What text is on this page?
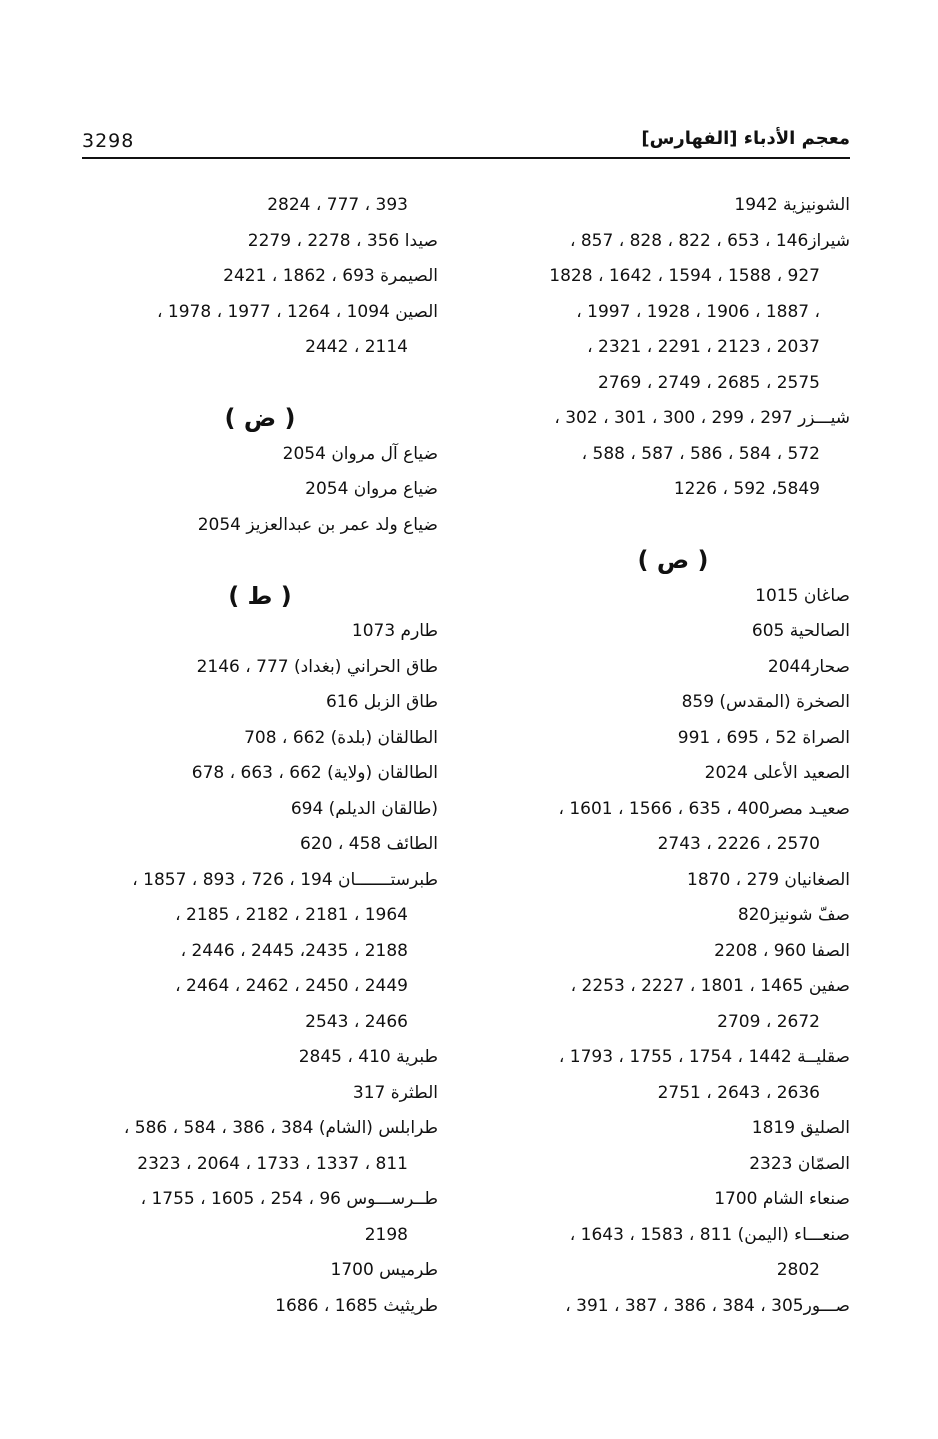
3298	معجم الأدباء [الفهارس]
الشونيزية 1942
شيراز146 ، 653 ، 822 ، 828 ، 857 ،
927 ، 1588 ، 1594 ، 1642 ، 1828
، 1887 ، 1906 ، 1928 ، 1997 ،
2037 ، 2123 ، 2291 ، 2321 ،
2575 ، 2685 ، 2749 ، 2769
شيـــزر 297 ، 299 ، 300 ، 301 ، 302 ،
572 ، 584 ، 586 ، 587 ، 588 ،
5849، 592 ، 1226
( ص )
صاغان 1015
الصالحية 605
صحار2044
الصخرة (المقدس) 859
الصراة 52 ، 695 ، 991
الصعيد الأعلى 2024
صعيـد مصر400 ، 635 ، 1566 ، 1601 ،
2570 ، 2226 ، 2743
الصغانيان 279 ، 1870
صفّ شونيز820
الصفا 960 ، 2208
صفين 1465 ، 1801 ، 2227 ، 2253 ،
2672 ، 2709
صقليــة 1442 ، 1754 ، 1755 ، 1793 ،
2636 ، 2643 ، 2751
الصليق 1819
الصمّان 2323
صنعاء الشام 1700
صنعـــاء (اليمن) 811 ، 1583 ، 1643 ،
2802
صـــور305 ، 384 ، 386 ، 387 ، 391 ،
393 ، 777 ، 2824
صيدا 356 ، 2278 ، 2279
الصيمرة 693 ، 1862 ، 2421
الصين 1094 ، 1264 ، 1977 ، 1978 ،
2114 ، 2442
( ض )
ضياع آل مروان 2054
ضياع مروان 2054
ضياع ولد عمر بن عبدالعزيز 2054
( ط )
طارم 1073
طاق الحراني (بغداد) 777 ، 2146
طاق الزبل 616
الطالقان (بلدة) 662 ، 708
الطالقان (ولاية) 662 ، 663 ، 678
(طالقان الديلم) 694
الطائف 458 ، 620
طبرستـــــــان 194 ، 726 ، 893 ، 1857 ،
1964 ، 2181 ، 2182 ، 2185 ،
2188 ، 2435، 2445 ، 2446 ،
2449 ، 2450 ، 2462 ، 2464 ،
2466 ، 2543
طبرية 410 ، 2845
الطثرة 317
طرابلس (الشام) 384 ، 386 ، 584 ، 586 ،
811 ، 1337 ، 1733 ، 2064 ، 2323
طــرســـوس 96 ، 254 ، 1605 ، 1755 ،
2198
طرميس 1700
طريثيث 1685 ، 1686
